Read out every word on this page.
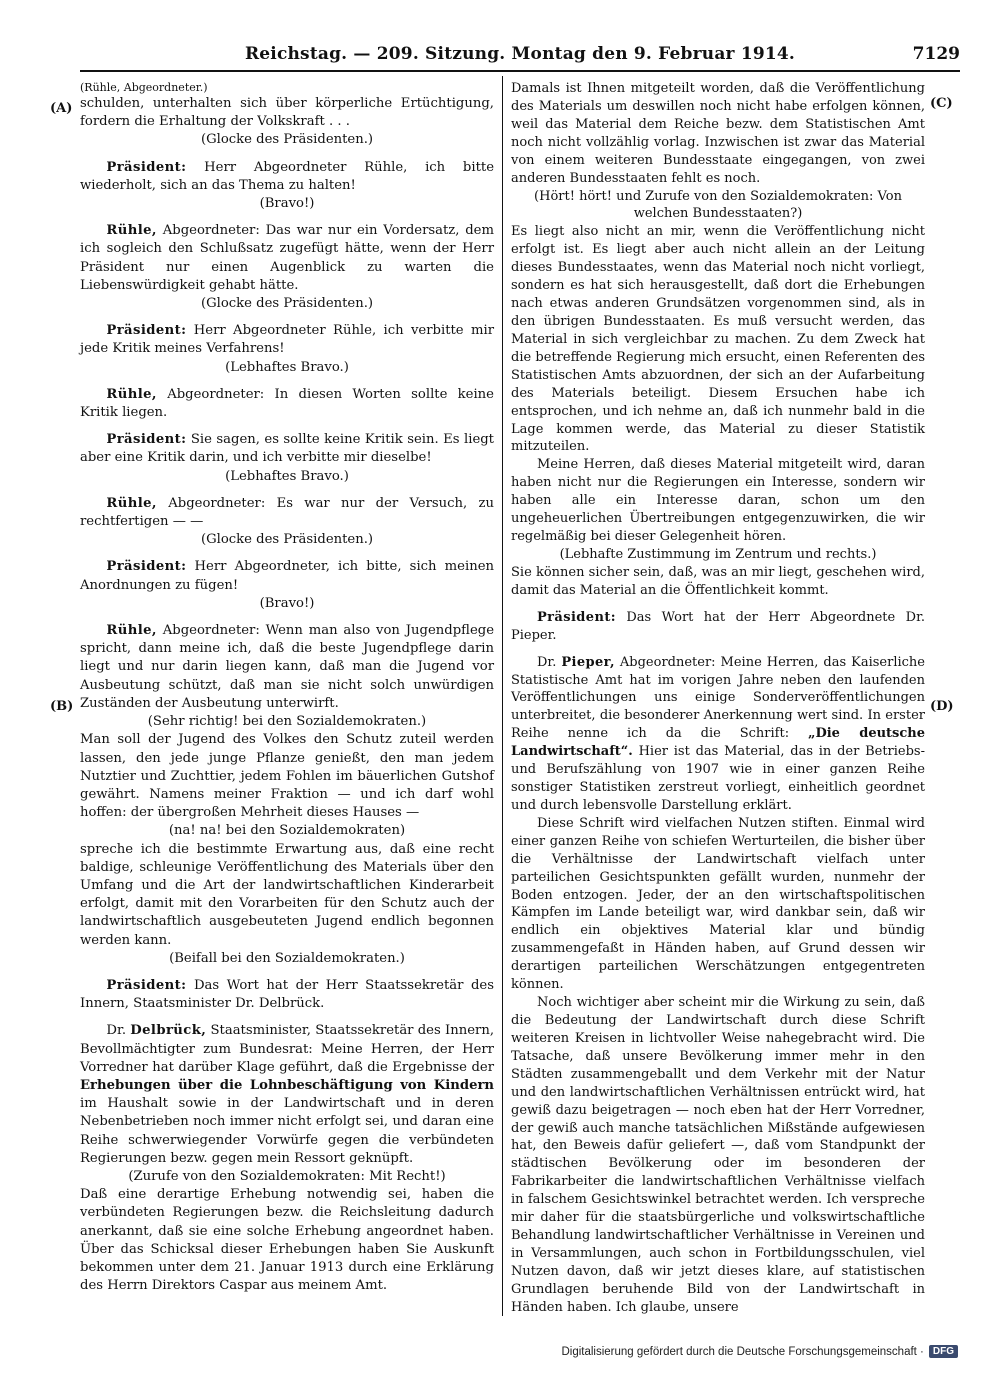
Reichstag. — 209. Sitzung. Montag den 9. Februar 1914.	7129
(A)
(B)
(C)
(D)

(Rühle, Abgeordneter.)

schulden, unterhalten sich über körperliche Ertüchtigung, fordern die Erhaltung der Volkskraft . . .

(Glocke des Präsidenten.)

Präsident: Herr Abgeordneter Rühle, ich bitte wiederholt, sich an das Thema zu halten!

(Bravo!)

Rühle, Abgeordneter: Das war nur ein Vordersatz, dem ich sogleich den Schlußsatz zugefügt hätte, wenn der Herr Präsident nur einen Augenblick zu warten die Liebenswürdigkeit gehabt hätte.

(Glocke des Präsidenten.)

Präsident: Herr Abgeordneter Rühle, ich verbitte mir jede Kritik meines Verfahrens!

(Lebhaftes Bravo.)

Rühle, Abgeordneter: In diesen Worten sollte keine Kritik liegen.

Präsident: Sie sagen, es sollte keine Kritik sein. Es liegt aber eine Kritik darin, und ich verbitte mir dieselbe!

(Lebhaftes Bravo.)

Rühle, Abgeordneter: Es war nur der Versuch, zu rechtfertigen — —

(Glocke des Präsidenten.)

Präsident: Herr Abgeordneter, ich bitte, sich meinen Anordnungen zu fügen!

(Bravo!)

Rühle, Abgeordneter: Wenn man also von Jugendpflege spricht, dann meine ich, daß die beste Jugendpflege darin liegt und nur darin liegen kann, daß man die Jugend vor Ausbeutung schützt, daß man sie nicht solch unwürdigen Zuständen der Ausbeutung unterwirft.

(Sehr richtig! bei den Sozialdemokraten.)

Man soll der Jugend des Volkes den Schutz zuteil werden lassen, den jede junge Pflanze genießt, den man jedem Nutztier und Zuchttier, jedem Fohlen im bäuerlichen Gutshof gewährt. Namens meiner Fraktion — und ich darf wohl hoffen: der übergroßen Mehrheit dieses Hauses —

(na! na! bei den Sozialdemokraten)

spreche ich die bestimmte Erwartung aus, daß eine recht baldige, schleunige Veröffentlichung des Materials über den Umfang und die Art der landwirtschaftlichen Kinderarbeit erfolgt, damit mit den Vorarbeiten für den Schutz auch der landwirtschaftlich ausgebeuteten Jugend endlich begonnen werden kann.

(Beifall bei den Sozialdemokraten.)

Präsident: Das Wort hat der Herr Staatssekretär des Innern, Staatsminister Dr. Delbrück.

Dr. Delbrück, Staatsminister, Staatssekretär des Innern, Bevollmächtigter zum Bundesrat: Meine Herren, der Herr Vorredner hat darüber Klage geführt, daß die Ergebnisse der Erhebungen über die Lohnbeschäftigung von Kindern im Haushalt sowie in der Landwirtschaft und in deren Nebenbetrieben noch immer nicht erfolgt sei, und daran eine Reihe schwerwiegender Vorwürfe gegen die verbündeten Regierungen bezw. gegen mein Ressort geknüpft.

(Zurufe von den Sozialdemokraten: Mit Recht!)

Daß eine derartige Erhebung notwendig sei, haben die verbündeten Regierungen bezw. die Reichsleitung dadurch anerkannt, daß sie eine solche Erhebung angeordnet haben. Über das Schicksal dieser Erhebungen haben Sie Auskunft bekommen unter dem 21. Januar 1913 durch eine Erklärung des Herrn Direktors Caspar aus meinem Amt.

Damals ist Ihnen mitgeteilt worden, daß die Veröffentlichung des Materials um deswillen noch nicht habe erfolgen können, weil das Material dem Reiche bezw. dem Statistischen Amt noch nicht vollzählig vorlag. Inzwischen ist zwar das Material von einem weiteren Bundesstaate eingegangen, von zwei anderen Bundesstaaten fehlt es noch.

(Hört! hört! und Zurufe von den Sozialdemokraten: Von welchen Bundesstaaten?)

Es liegt also nicht an mir, wenn die Veröffentlichung nicht erfolgt ist. Es liegt aber auch nicht allein an der Leitung dieses Bundesstaates, wenn das Material noch nicht vorliegt, sondern es hat sich herausgestellt, daß dort die Erhebungen nach etwas anderen Grundsätzen vorgenommen sind, als in den übrigen Bundesstaaten. Es muß versucht werden, das Material in sich vergleichbar zu machen. Zu dem Zweck hat die betreffende Regierung mich ersucht, einen Referenten des Statistischen Amts abzuordnen, der sich an der Aufarbeitung des Materials beteiligt. Diesem Ersuchen habe ich entsprochen, und ich nehme an, daß ich nunmehr bald in die Lage kommen werde, das Material zu dieser Statistik mitzuteilen.

Meine Herren, daß dieses Material mitgeteilt wird, daran haben nicht nur die Regierungen ein Interesse, sondern wir haben alle ein Interesse daran, schon um den ungeheuerlichen Übertreibungen entgegenzuwirken, die wir regelmäßig bei dieser Gelegenheit hören.

(Lebhafte Zustimmung im Zentrum und rechts.)

Sie können sicher sein, daß, was an mir liegt, geschehen wird, damit das Material an die Öffentlichkeit kommt.

Präsident: Das Wort hat der Herr Abgeordnete Dr. Pieper.

Dr. Pieper, Abgeordneter: Meine Herren, das Kaiserliche Statistische Amt hat im vorigen Jahre neben den laufenden Veröffentlichungen uns einige Sonderveröffentlichungen unterbreitet, die besonderer Anerkennung wert sind. In erster Reihe nenne ich da die Schrift: „Die deutsche Landwirtschaft“. Hier ist das Material, das in der Betriebs- und Berufszählung von 1907 wie in einer ganzen Reihe sonstiger Statistiken zerstreut vorliegt, einheitlich geordnet und durch lebensvolle Darstellung erklärt.

Diese Schrift wird vielfachen Nutzen stiften. Einmal wird einer ganzen Reihe von schiefen Werturteilen, die bisher über die Verhältnisse der Landwirtschaft vielfach unter parteilichen Gesichtspunkten gefällt wurden, nunmehr der Boden entzogen. Jeder, der an den wirtschaftspolitischen Kämpfen im Lande beteiligt war, wird dankbar sein, daß wir endlich ein objektives Material klar und bündig zusammengefaßt in Händen haben, auf Grund dessen wir derartigen parteilichen Werschätzungen entgegentreten können.

Noch wichtiger aber scheint mir die Wirkung zu sein, daß die Bedeutung der Landwirtschaft durch diese Schrift weiteren Kreisen in lichtvoller Weise nahegebracht wird. Die Tatsache, daß unsere Bevölkerung immer mehr in den Städten zusammengeballt und dem Verkehr mit der Natur und den landwirtschaftlichen Verhältnissen entrückt wird, hat gewiß dazu beigetragen — noch eben hat der Herr Vorredner, der gewiß auch manche tatsächlichen Mißstände aufgewiesen hat, den Beweis dafür geliefert —, daß vom Standpunkt der städtischen Bevölkerung oder im besonderen der Fabrikarbeiter die landwirtschaftlichen Verhältnisse vielfach in falschem Gesichtswinkel betrachtet werden. Ich verspreche mir daher für die staatsbürgerliche und volkswirtschaftliche Behandlung landwirtschaftlicher Verhältnisse in Vereinen und in Versammlungen, auch schon in Fortbildungsschulen, viel Nutzen davon, daß wir jetzt dieses klare, auf statistischen Grundlagen beruhende Bild von der Landwirtschaft in Händen haben. Ich glaube, unsere

Digitalisierung gefördert durch die Deutsche Forschungsgemeinschaft · DFG
